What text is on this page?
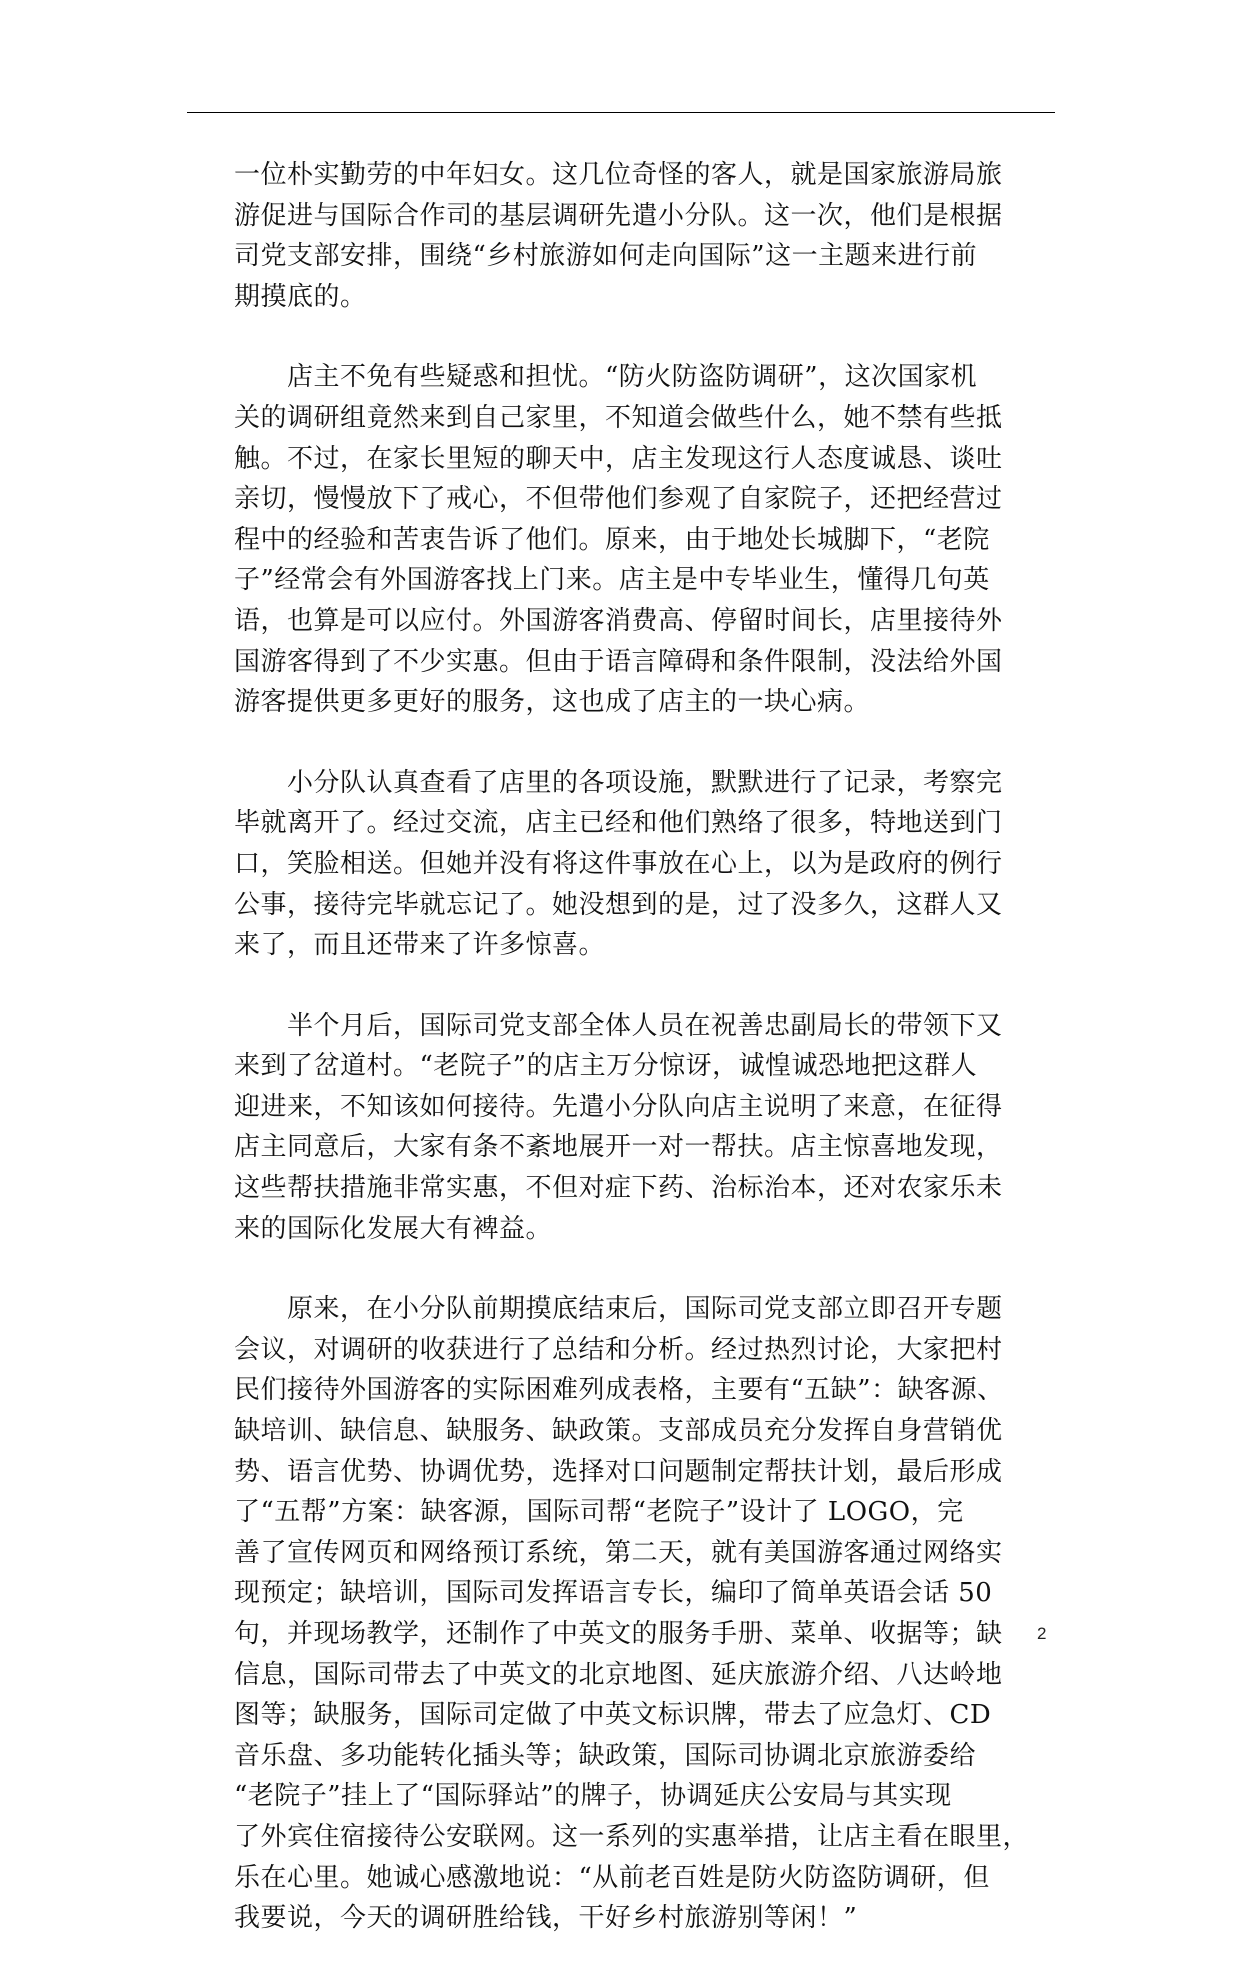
一位朴实勤劳的中年妇女。这几位奇怪的客人，就是国家旅游局旅
游促进与国际合作司的基层调研先遣小分队。这一次，他们是根据
司党支部安排，围绕“乡村旅游如何走向国际”这一主题来进行前
期摸底的。

　　店主不免有些疑惑和担忧。“防火防盗防调研”，这次国家机
关的调研组竟然来到自己家里，不知道会做些什么，她不禁有些抵
触。不过，在家长里短的聊天中，店主发现这行人态度诚恳、谈吐
亲切，慢慢放下了戒心，不但带他们参观了自家院子，还把经营过
程中的经验和苦衷告诉了他们。原来，由于地处长城脚下，“老院
子”经常会有外国游客找上门来。店主是中专毕业生，懂得几句英
语，也算是可以应付。外国游客消费高、停留时间长，店里接待外
国游客得到了不少实惠。但由于语言障碍和条件限制，没法给外国
游客提供更多更好的服务，这也成了店主的一块心病。

　　小分队认真查看了店里的各项设施，默默进行了记录，考察完
毕就离开了。经过交流，店主已经和他们熟络了很多，特地送到门
口，笑脸相送。但她并没有将这件事放在心上，以为是政府的例行
公事，接待完毕就忘记了。她没想到的是，过了没多久，这群人又
来了，而且还带来了许多惊喜。

　　半个月后，国际司党支部全体人员在祝善忠副局长的带领下又
来到了岔道村。“老院子”的店主万分惊讶，诚惶诚恐地把这群人
迎进来，不知该如何接待。先遣小分队向店主说明了来意，在征得
店主同意后，大家有条不紊地展开一对一帮扶。店主惊喜地发现，
这些帮扶措施非常实惠，不但对症下药、治标治本，还对农家乐未
来的国际化发展大有裨益。

　　原来，在小分队前期摸底结束后，国际司党支部立即召开专题
会议，对调研的收获进行了总结和分析。经过热烈讨论，大家把村
民们接待外国游客的实际困难列成表格，主要有“五缺”：缺客源、
缺培训、缺信息、缺服务、缺政策。支部成员充分发挥自身营销优
势、语言优势、协调优势，选择对口问题制定帮扶计划，最后形成
了“五帮”方案：缺客源，国际司帮“老院子”设计了 LOGO，完
善了宣传网页和网络预订系统，第二天，就有美国游客通过网络实
现预定；缺培训，国际司发挥语言专长，编印了简单英语会话 50
句，并现场教学，还制作了中英文的服务手册、菜单、收据等；缺
信息，国际司带去了中英文的北京地图、延庆旅游介绍、八达岭地
图等；缺服务，国际司定做了中英文标识牌，带去了应急灯、CD
音乐盘、多功能转化插头等；缺政策，国际司协调北京旅游委给
“老院子”挂上了“国际驿站”的牌子，协调延庆公安局与其实现
了外宾住宿接待公安联网。这一系列的实惠举措，让店主看在眼里，
乐在心里。她诚心感激地说：“从前老百姓是防火防盗防调研，但
我要说，今天的调研胜给钱，干好乡村旅游别等闲！”

2
